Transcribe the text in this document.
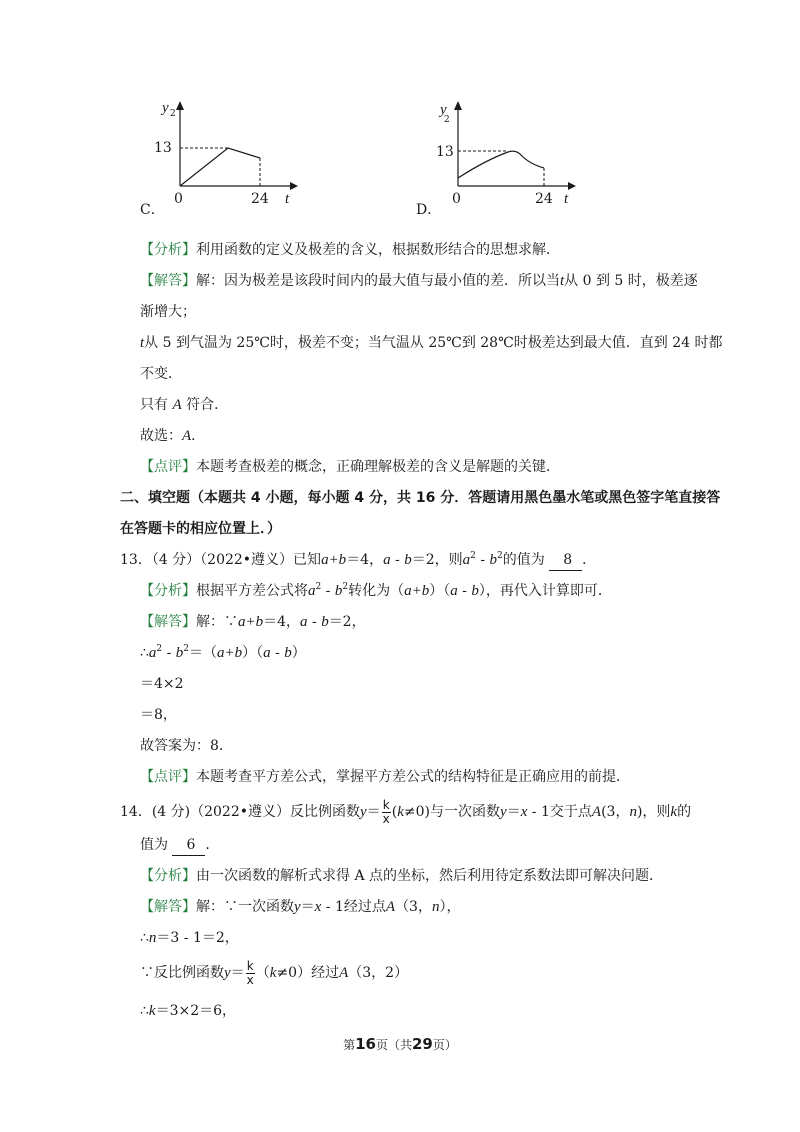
y 2
13
0	24 t
C．
y
2
13
0	24 t
D．
【分析】利用函数的定义及极差的含义，根据数形结合的思想求解．
【解答】解：因为极差是该段时间内的最大值与最小值的差．所以当t从 0 到 5 时，极差逐
渐增大；
t从 5 到气温为 25℃时，极差不变；当气温从 25℃到 28℃时极差达到最大值．直到 24 时都
不变．
只有 A 符合．
故选：A．
【点评】本题考查极差的概念，正确理解极差的含义是解题的关键．
二、填空题（本题共 4 小题，每小题 4 分，共 16 分．答题请用黑色墨水笔或黑色签字笔直接答
在答题卡的相应位置上．）
13．（4 分）（2022•遵义）已知a+b＝4，a - b＝2，则$a^2 - b^2$的值为 8 ．
【分析】根据平方差公式将$a^2 - b^2$转化为（a+b）（a - b），再代入计算即可．
【解答】解：∵a+b＝4，a - b＝2，
$\therefore a^2 - b^2=(a+b)(a - b)$
＝4×2
＝8，
故答案为：8．
【点评】本题考查平方差公式，掌握平方差公式的结构特征是正确应用的前提．
14．(4 分)（2022•遵义）反比例函数$y= \frac{k}{x} (k\ne 0)$与一次函数y＝x - 1交于点A(3，n)，则k的
值为 6 ．
【分析】由一次函数的解析式求得 A 点的坐标，然后利用待定系数法即可解决问题．
【解答】解：∵一次函数y＝x - 1经过点A（3，n），
∴n＝3 - 1＝2，
∵反比例函数$y= \frac{k}{x} (k\ne 0)$经过A（3，2）
∴k＝3×2＝6，
第16页（共29页）
